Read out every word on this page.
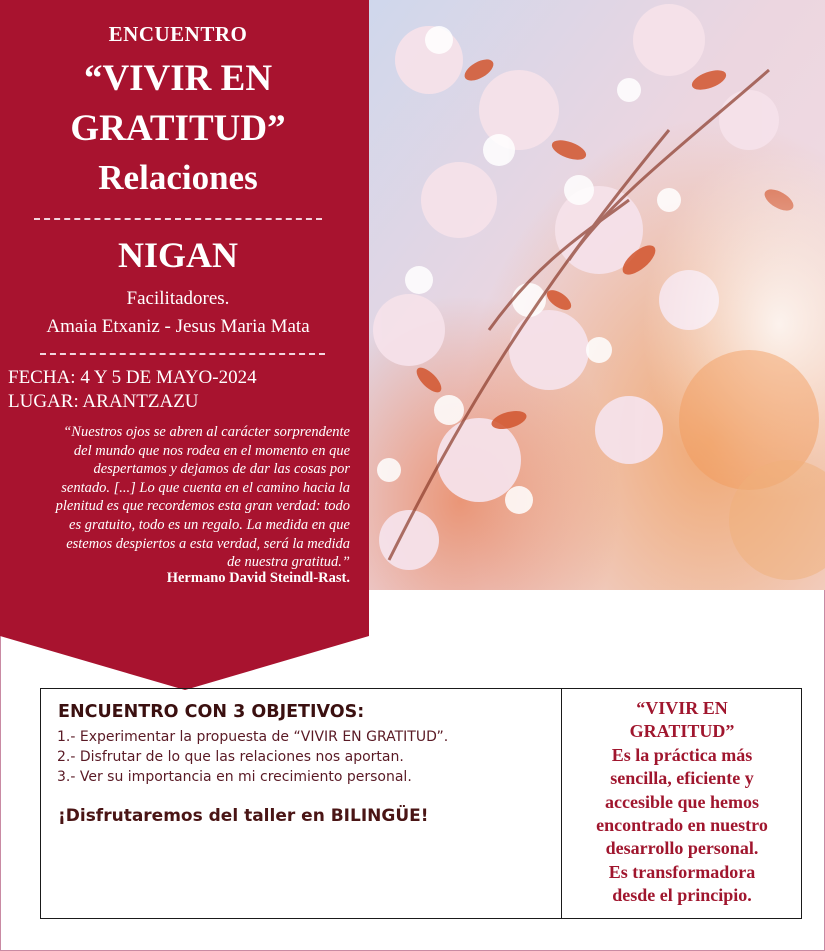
ENCUENTRO
“VIVIR EN
GRATITUD”
Relaciones
NIGAN
Facilitadores.
Amaia Etxaniz - Jesus Maria Mata
FECHA: 4 Y 5 DE MAYO-2024
LUGAR: ARANTZAZU
“Nuestros ojos se abren al carácter sorprendente
del mundo que nos rodea en el momento en que
despertamos y dejamos de dar las cosas por
sentado. [...] Lo que cuenta en el camino hacia la
plenitud es que recordemos esta gran verdad: todo
es gratuito, todo es un regalo. La medida en que
estemos despiertos a esta verdad, será la medida
de nuestra gratitud.”
Hermano David Steindl-Rast.
ENCUENTRO CON 3 OBJETIVOS:
1.- Experimentar la propuesta de “VIVIR EN GRATITUD”.
2.- Disfrutar de lo que las relaciones nos aportan.
3.- Ver su importancia en mi crecimiento personal.
¡Disfrutaremos del taller en BILINGÜE!
“VIVIR EN
GRATITUD”
Es la práctica más
sencilla, eficiente y
accesible que hemos
encontrado en nuestro
desarrollo personal.
Es transformadora
desde el principio.
